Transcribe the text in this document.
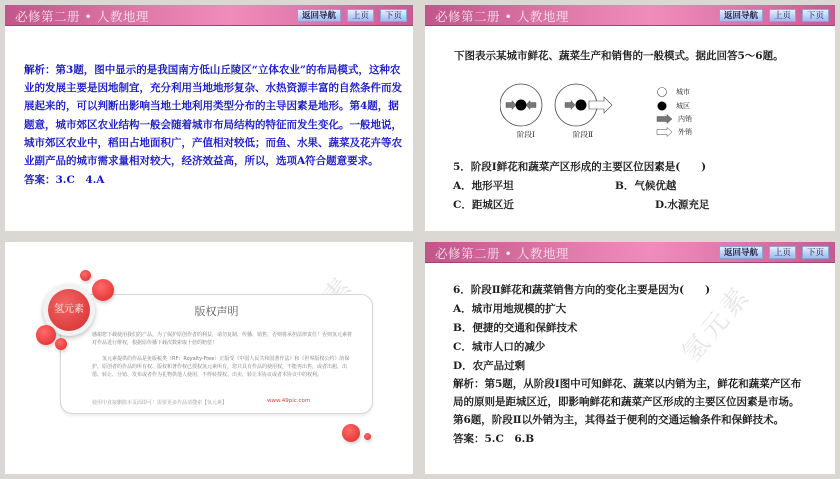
必修第二册 • 人教地理	返回导航	上页	下页
解析：第3题，图中显示的是我国南方低山丘陵区“立体农业”的布局模式，这种农业的发展主要是因地制宜，充分利用当地地形复杂、水热资源丰富的自然条件而发展起来的，可以判断出影响当地土地利用类型分布的主导因素是地形。第4题，据题意，城市郊区农业结构一般会随着城市布局结构的特征而发生变化。一般地说，城市郊区农业中，稻田占地面积广，产值相对较低；而鱼、水果、蔬菜及花卉等农业副产品的城市需求量相对较大，经济效益高，所以，选项A符合题意要求。
答案：3.C　4.A
必修第二册 • 人教地理	返回导航	上页	下页
下图表示某城市鲜花、蔬菜生产和销售的一般模式。据此回答5～6题。
阶段Ⅰ	阶段Ⅱ
城市
城区
内销
外销
5．阶段Ⅰ鲜花和蔬菜产区形成的主要区位因素是(　　)
A．地形平坦	B．气候优越
C．距城区近	D.水源充足
版权声明
感谢您下载使用我们的产品，为了保护原创作者的利益，请勿复制、传播、销售，否则将承担法律责任！否则氢元素将对作品进行维权，根据原传播下载次数索取十倍的赔偿！
氢元素提供的作品是免版税类（RF：Royalty-Free）正版受《中国人民共和国著作法》和《世界版权公约》的保护，原创者的作品的所有权、版权和著作权已授权氢元素所有，您只具有作品的使用权，不能再出售，或者出租、出借、转让、分销、发布或者作为礼物供他人使用，不得转授权、出卖、转让本协议或者本协议中的权利。
使用中直接删除本页面即可！需要更多作品请搜索【氢元素】	www.49pic.com
氢元素
必修第二册 • 人教地理	返回导航	上页	下页
氢元素
6．阶段Ⅱ鲜花和蔬菜销售方向的变化主要是因为(　　)
A．城市用地规模的扩大
B．便捷的交通和保鲜技术
C．城市人口的减少
D．农产品过剩
解析：第5题，从阶段Ⅰ图中可知鲜花、蔬菜以内销为主，鲜花和蔬菜产区布局的原则是距城区近，即影响鲜花和蔬菜产区形成的主要区位因素是市场。第6题，阶段Ⅱ以外销为主，其得益于便利的交通运输条件和保鲜技术。
答案：5.C　6.B
